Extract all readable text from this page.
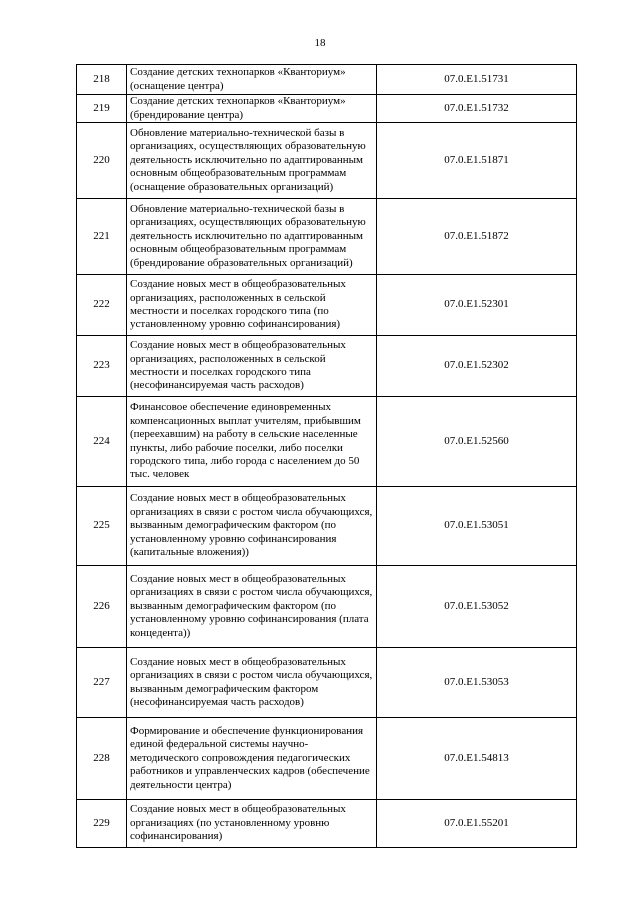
18
218	Создание детских технопарков «Кванториум» (оснащение центра)	07.0.E1.51731
219	Создание детских технопарков «Кванториум» (брендирование центра)	07.0.E1.51732
220	Обновление материально-технической базы в организациях, осуществляющих образовательную деятельность исключительно по адаптированным основным общеобразовательным программам (оснащение образовательных организаций)	07.0.E1.51871
221	Обновление материально-технической базы в организациях, осуществляющих образовательную деятельность исключительно по адаптированным основным общеобразовательным программам (брендирование образовательных организаций)	07.0.E1.51872
222	Создание новых мест в общеобразовательных организациях, расположенных в сельской местности и поселках городского типа (по установленному уровню софинансирования)	07.0.E1.52301
223	Создание новых мест в общеобразовательных организациях, расположенных в сельской местности и поселках городского типа (несофинансируемая часть расходов)	07.0.E1.52302
224	Финансовое обеспечение единовременных компенсационных выплат учителям, прибывшим (переехавшим) на работу в сельские населенные пункты, либо рабочие поселки, либо поселки городского типа, либо города с населением до 50 тыс. человек	07.0.E1.52560
225	Создание новых мест в общеобразовательных организациях в связи с ростом числа обучающихся, вызванным демографическим фактором (по установленному уровню софинансирования (капитальные вложения))	07.0.E1.53051
226	Создание новых мест в общеобразовательных организациях в связи с ростом числа обучающихся, вызванным демографическим фактором (по установленному уровню софинансирования (плата концедента))	07.0.E1.53052
227	Создание новых мест в общеобразовательных организациях в связи с ростом числа обучающихся, вызванным демографическим фактором (несофинансируемая часть расходов)	07.0.E1.53053
228	Формирование и обеспечение функционирования единой федеральной системы научно-методического сопровождения педагогических работников и управленческих кадров (обеспечение деятельности центра)	07.0.E1.54813
229	Создание новых мест в общеобразовательных организациях (по установленному уровню софинансирования)	07.0.E1.55201
